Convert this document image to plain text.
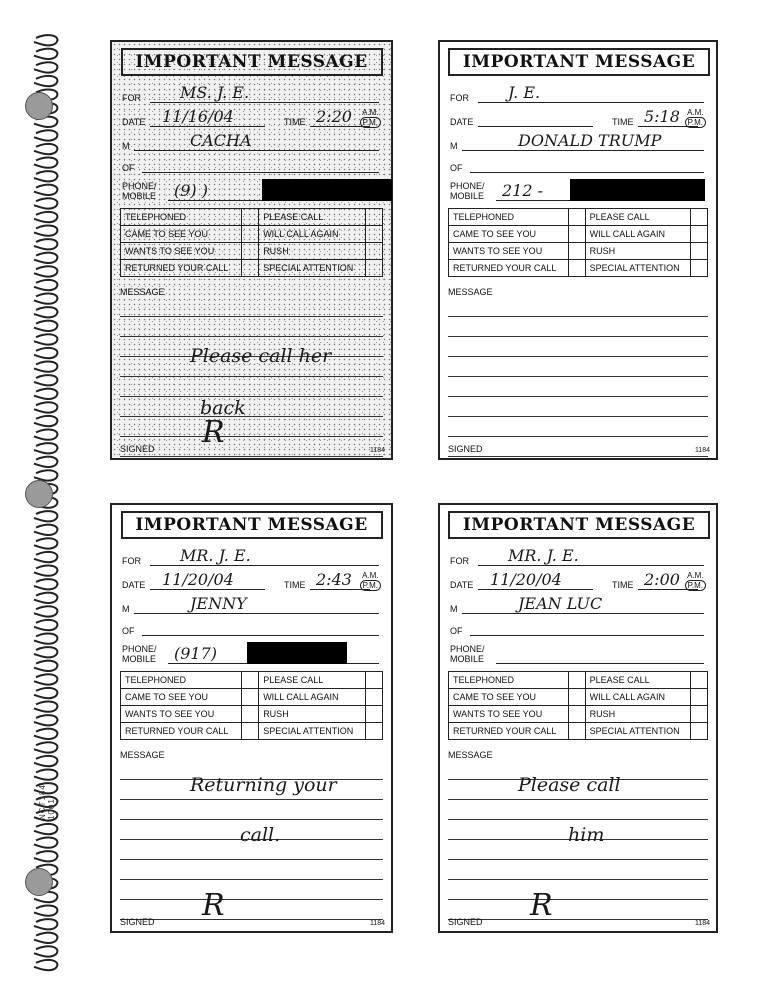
NCT184 1001
IMPORTANT MESSAGE
FOR MS. J. E.
DATE 11/16/04	TIME 2:20	A.M.
P.M.
M	CACHA
OF
PHONE/
MOBILE (9) )
TELEPHONED		PLEASE CALL	
CAME TO SEE YOU		WILL CALL AGAIN	
WANTS TO SEE YOU		RUSH	
RETURNED YOUR CALL		SPECIAL ATTENTION	
MESSAGE
Please call her
back
SIGNED R
1184
IMPORTANT MESSAGE
FOR J. E.
DATE	TIME 5:18 A.M.
P.M.
M	DONALD TRUMP
OF
PHONE/
MOBILE 212 -
TELEPHONED		PLEASE CALL	
CAME TO SEE YOU		WILL CALL AGAIN	
WANTS TO SEE YOU		RUSH	
RETURNED YOUR CALL		SPECIAL ATTENTION	
MESSAGE
SIGNED	1184
IMPORTANT MESSAGE
FOR MR. J. E.
DATE 11/20/04	TIME 2:43	A.M.
P.M.
M	JENNY
OF
PHONE/
MOBILE (917)
TELEPHONED		PLEASE CALL	
CAME TO SEE YOU		WILL CALL AGAIN	
WANTS TO SEE YOU		RUSH	
RETURNED YOUR CALL		SPECIAL ATTENTION	
MESSAGE
Returning your
call.
SIGNED R
1184
IMPORTANT MESSAGE
FOR MR. J. E.
DATE 11/20/04	TIME 2:00 A.M.
P.M.
M	JEAN LUC
OF
PHONE/
MOBILE
TELEPHONED		PLEASE CALL	
CAME TO SEE YOU		WILL CALL AGAIN	
WANTS TO SEE YOU		RUSH	
RETURNED YOUR CALL		SPECIAL ATTENTION	
MESSAGE
Please call
him
SIGNED R
1184
